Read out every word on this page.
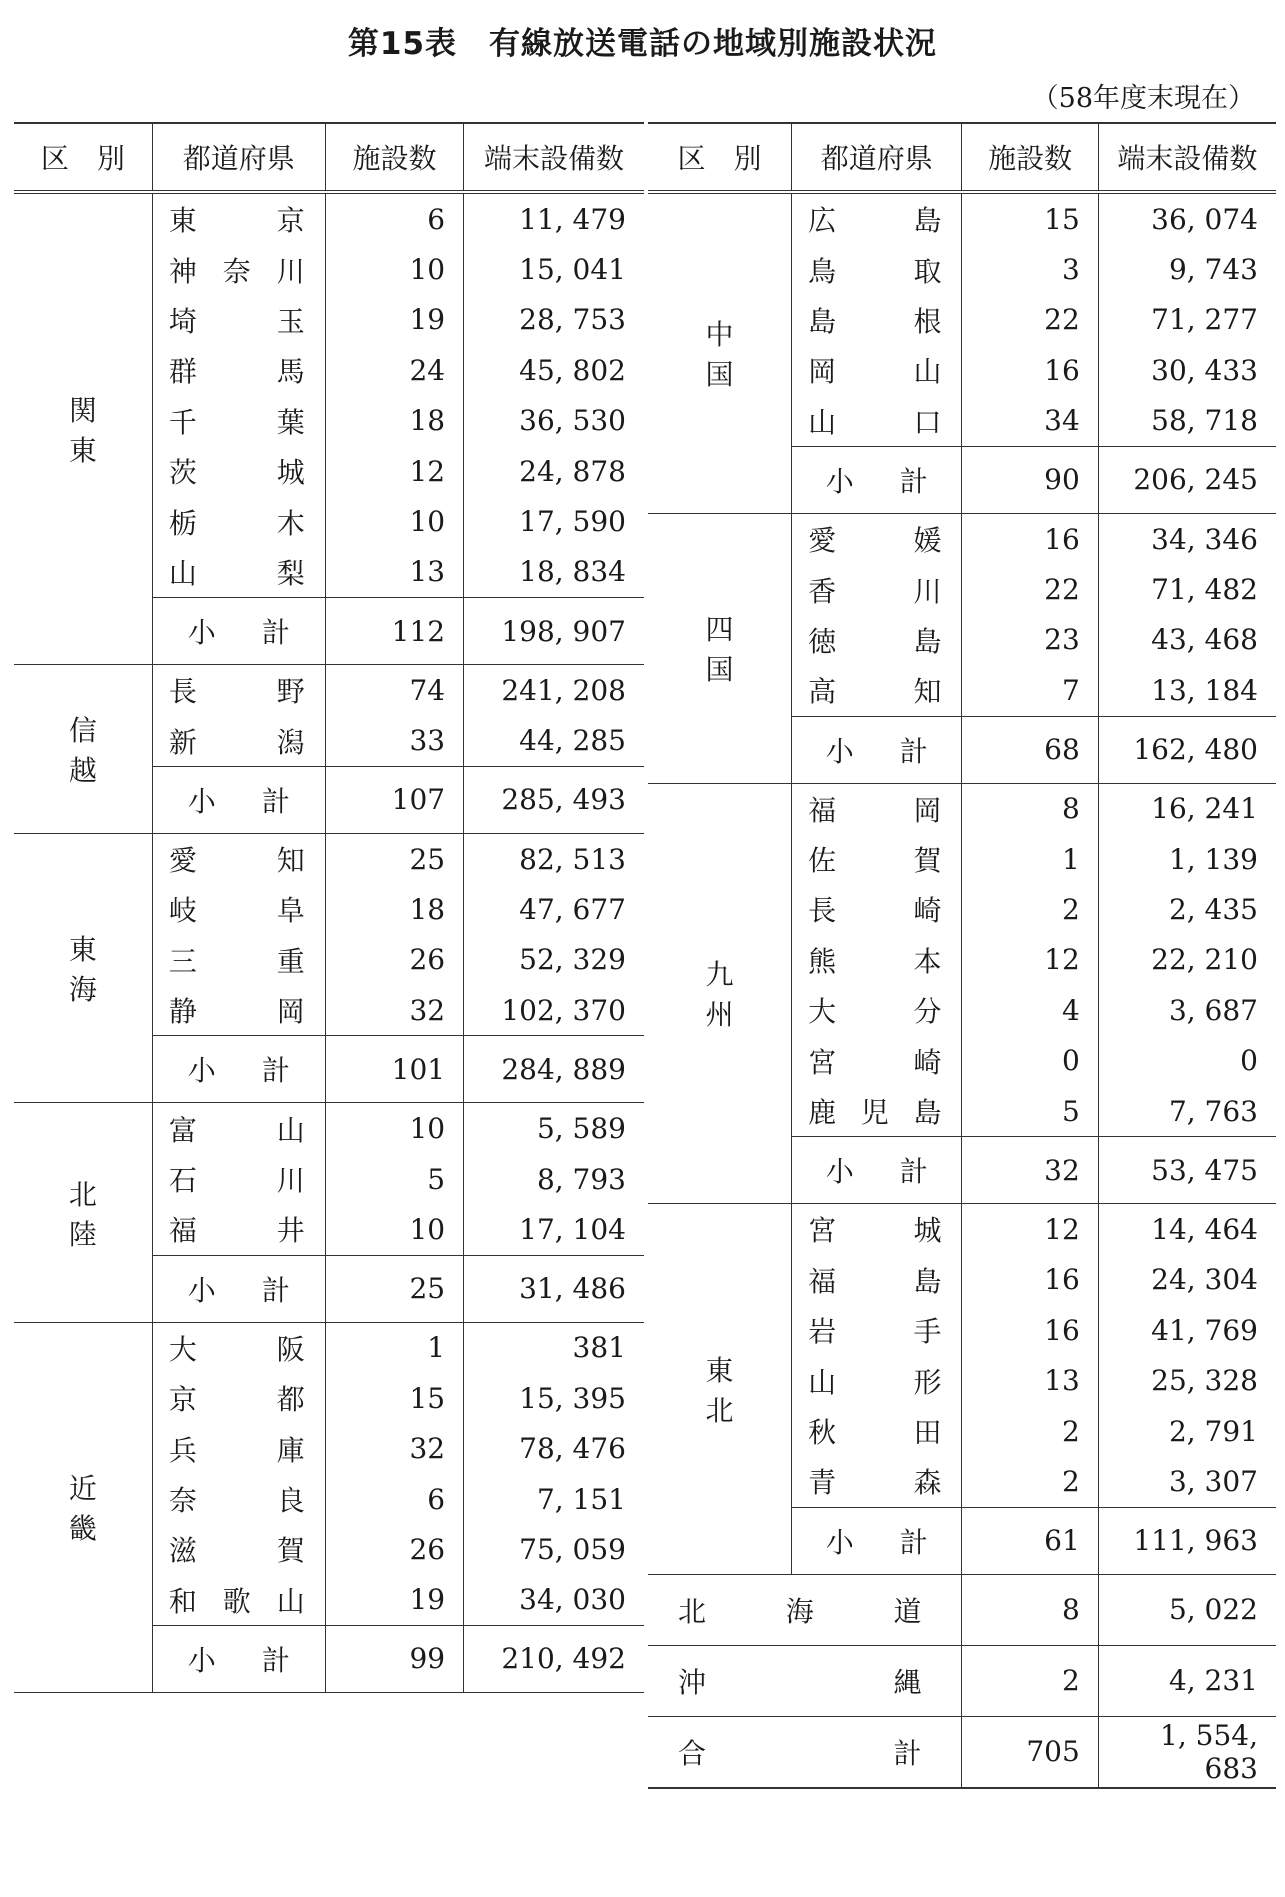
第15表　有線放送電話の地域別施設状況
（58年度末現在）
区　別	都道府県	施設数	端末設備数

関
東	東 京	6	11, 479

	神 奈 川	10	15, 041

	埼 玉	19	28, 753

	群 馬	24	45, 802

	千 葉	18	36, 530

	茨 城	12	24, 878

	栃 木	10	17, 590

	山 梨	13	18, 834

	小 計	112	198, 907

信
越	長 野	74	241, 208

	新 潟	33	44, 285

	小 計	107	285, 493

東
海	愛 知	25	82, 513

	岐 阜	18	47, 677

	三 重	26	52, 329

	静 岡	32	102, 370

	小 計	101	284, 889

北
陸	富 山	10	5, 589

	石 川	5	8, 793

	福 井	10	17, 104

	小 計	25	31, 486

近
畿	大 阪	1	381

	京 都	15	15, 395

	兵 庫	32	78, 476

	奈 良	6	7, 151

	滋 賀	26	75, 059

	和 歌 山	19	34, 030

	小 計	99	210, 492
区　別	都道府県	施設数	端末設備数

中
国	広 島	15	36, 074

	鳥 取	3	9, 743

	島 根	22	71, 277

	岡 山	16	30, 433

	山 口	34	58, 718

	小 計	90	206, 245

四
国	愛 媛	16	34, 346

	香 川	22	71, 482

	徳 島	23	43, 468

	高 知	7	13, 184

	小 計	68	162, 480

九
州	福 岡	8	16, 241

	佐 賀	1	1, 139

	長 崎	2	2, 435

	熊 本	12	22, 210

	大 分	4	3, 687

	宮 崎	0	0

	鹿 児 島	5	7, 763

	小 計	32	53, 475

東
北	宮 城	12	14, 464

	福 島	16	24, 304

	岩 手	16	41, 769

	山 形	13	25, 328

	秋 田	2	2, 791

	青 森	2	3, 307

	小 計	61	111, 963

北 海 道		8	5, 022

沖 縄		2	4, 231

合 計		705	1, 554, 683
